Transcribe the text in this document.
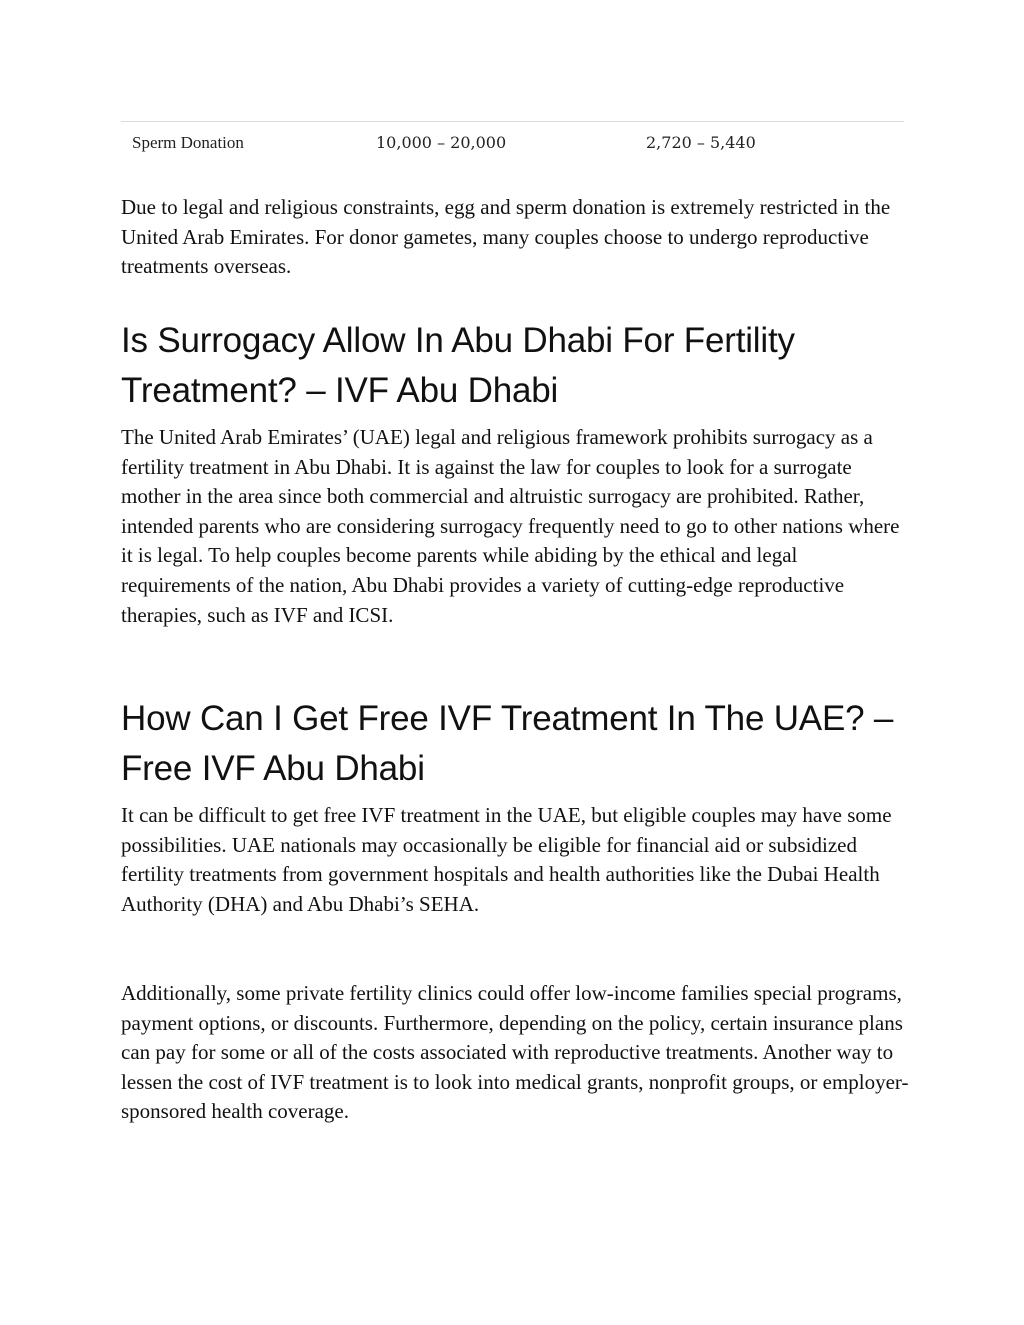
Sperm Donation	10,000 – 20,000	2,720 – 5,440

Due to legal and religious constraints, egg and sperm donation is extremely restricted in the United Arab Emirates. For donor gametes, many couples choose to undergo reproductive treatments overseas.

Is Surrogacy Allow In Abu Dhabi For Fertility Treatment? – IVF Abu Dhabi

The United Arab Emirates’ (UAE) legal and religious framework prohibits surrogacy as a fertility treatment in Abu Dhabi. It is against the law for couples to look for a surrogate mother in the area since both commercial and altruistic surrogacy are prohibited. Rather, intended parents who are considering surrogacy frequently need to go to other nations where it is legal. To help couples become parents while abiding by the ethical and legal requirements of the nation, Abu Dhabi provides a variety of cutting-edge reproductive therapies, such as IVF and ICSI.

How Can I Get Free IVF Treatment In The UAE? – Free IVF Abu Dhabi

It can be difficult to get free IVF treatment in the UAE, but eligible couples may have some possibilities. UAE nationals may occasionally be eligible for financial aid or subsidized fertility treatments from government hospitals and health authorities like the Dubai Health Authority (DHA) and Abu Dhabi’s SEHA.

Additionally, some private fertility clinics could offer low-income families special programs, payment options, or discounts. Furthermore, depending on the policy, certain insurance plans can pay for some or all of the costs associated with reproductive treatments. Another way to lessen the cost of IVF treatment is to look into medical grants, nonprofit groups, or employer-sponsored health coverage.
